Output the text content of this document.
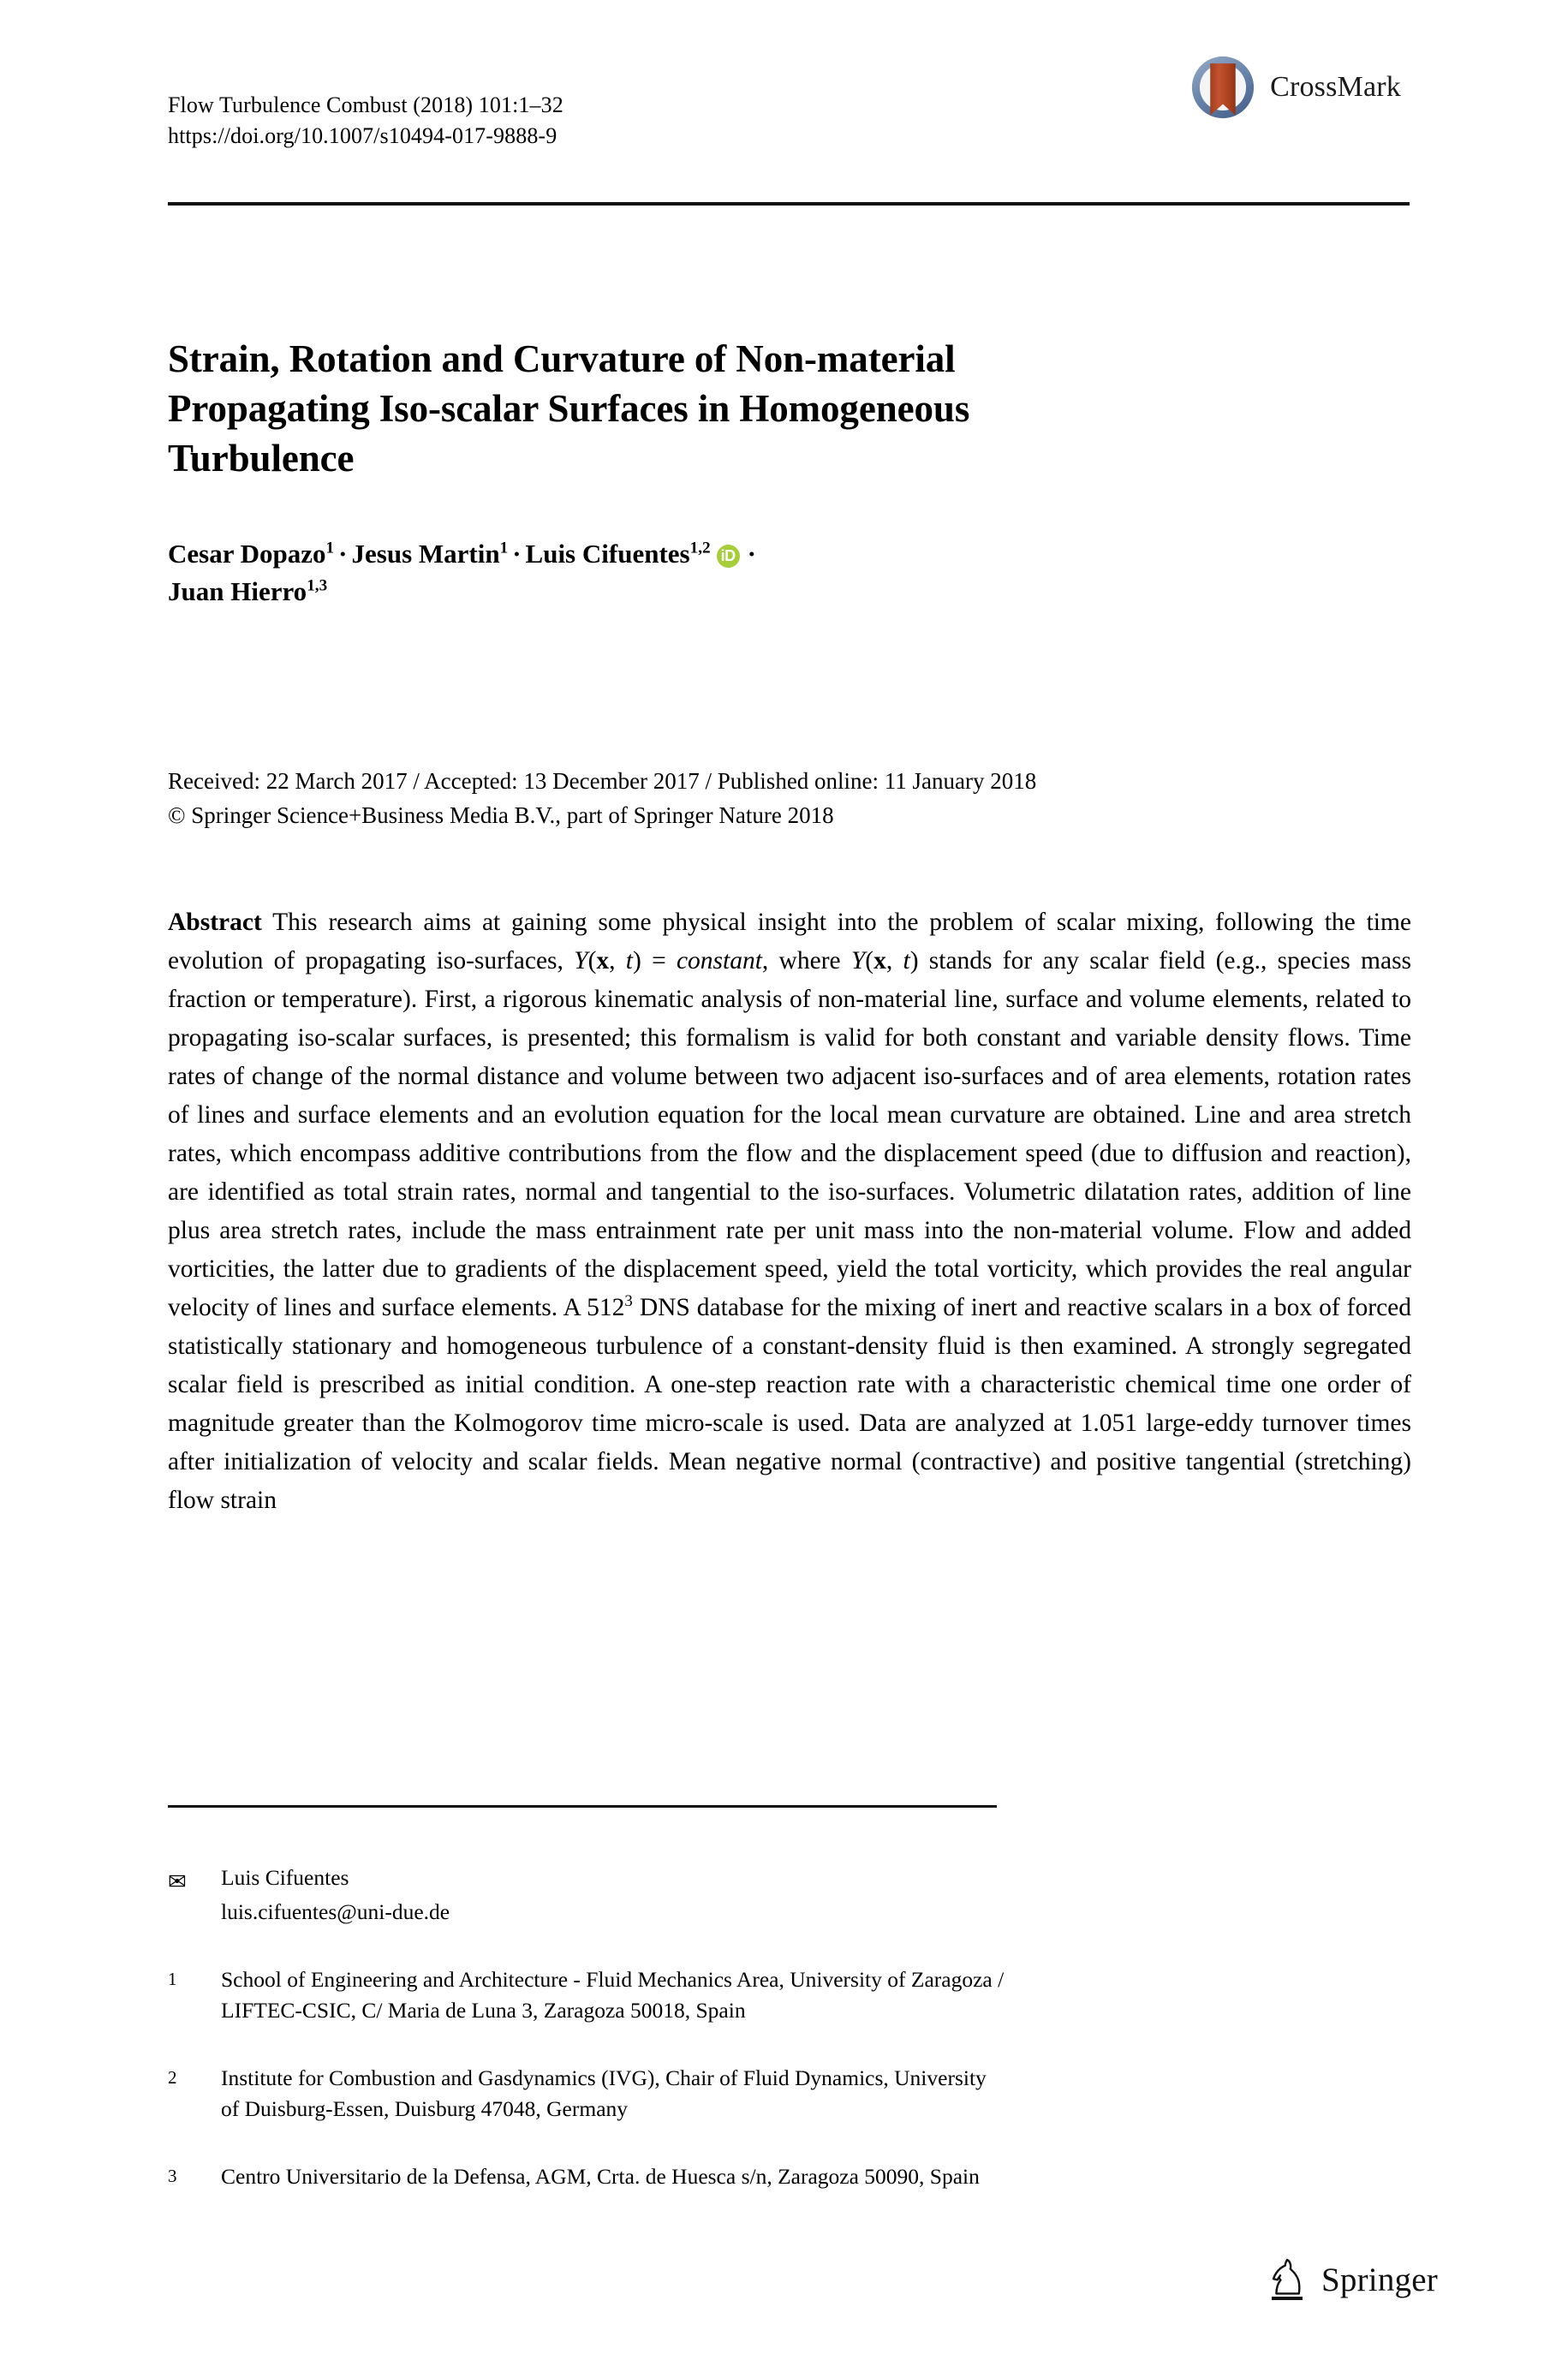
Flow Turbulence Combust (2018) 101:1–32
https://doi.org/10.1007/s10494-017-9888-9
CrossMark
Strain, Rotation and Curvature of Non-material
Propagating Iso-scalar Surfaces in Homogeneous
Turbulence
Cesar Dopazo$^1$ · Jesus Martin$^1$ · Luis Cifuentes$^{1,2}$ iD ·
Juan Hierro$^{1,3}$
Received: 22 March 2017 / Accepted: 13 December 2017 / Published online: 11 January 2018
© Springer Science+Business Media B.V., part of Springer Nature 2018
Abstract This research aims at gaining some physical insight into the problem of scalar mixing, following the time evolution of propagating iso-surfaces, Y(x, t) = constant, where Y(x, t) stands for any scalar field (e.g., species mass fraction or temperature). First, a rigorous kinematic analysis of non-material line, surface and volume elements, related to propagating iso-scalar surfaces, is presented; this formalism is valid for both constant and variable density flows. Time rates of change of the normal distance and volume between two adjacent iso-surfaces and of area elements, rotation rates of lines and surface elements and an evolution equation for the local mean curvature are obtained. Line and area stretch rates, which encompass additive contributions from the flow and the displacement speed (due to diffusion and reaction), are identified as total strain rates, normal and tangential to the iso-surfaces. Volumetric dilatation rates, addition of line plus area stretch rates, include the mass entrainment rate per unit mass into the non-material volume. Flow and added vorticities, the latter due to gradients of the displacement speed, yield the total vorticity, which provides the real angular velocity of lines and surface elements. A $512^3$ DNS database for the mixing of inert and reactive scalars in a box of forced statistically stationary and homogeneous turbulence of a constant-density fluid is then examined. A strongly segregated scalar field is prescribed as initial condition. A one-step reaction rate with a characteristic chemical time one order of magnitude greater than the Kolmogorov time micro-scale is used. Data are analyzed at 1.051 large-eddy turnover times after initialization of velocity and scalar fields. Mean negative normal (contractive) and positive tangential (stretching) flow strain
✉	Luis Cifuentes
luis.cifuentes@uni-due.de
1	School of Engineering and Architecture - Fluid Mechanics Area, University of Zaragoza /
LIFTEC-CSIC, C/ Maria de Luna 3, Zaragoza 50018, Spain
2	Institute for Combustion and Gasdynamics (IVG), Chair of Fluid Dynamics, University
of Duisburg-Essen, Duisburg 47048, Germany
3	Centro Universitario de la Defensa, AGM, Crta. de Huesca s/n, Zaragoza 50090, Spain
Springer
